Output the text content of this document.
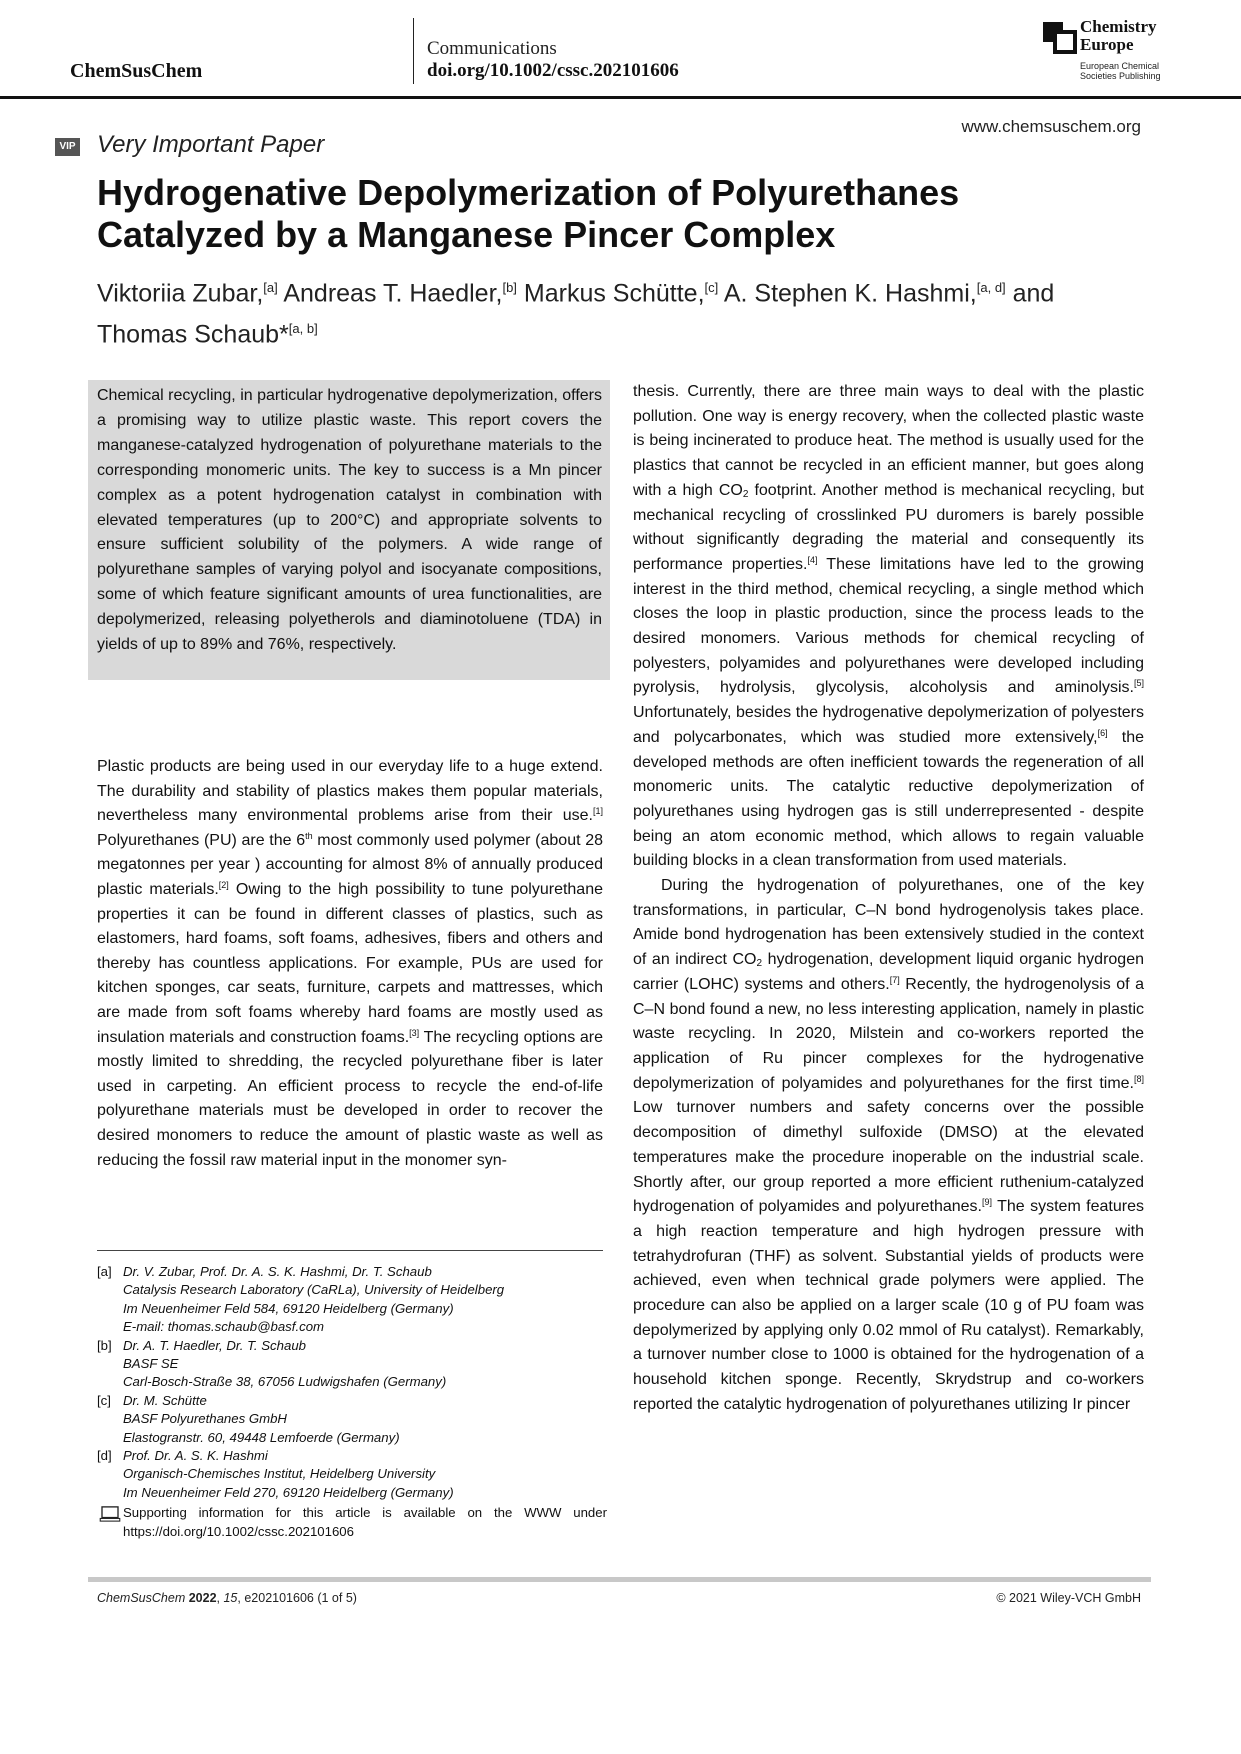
ChemSusChem
Communications
doi.org/10.1002/cssc.202101606
Chemistry Europe
European Chemical
Societies Publishing
www.chemsuschem.org
VIP Very Important Paper
Hydrogenative Depolymerization of Polyurethanes Catalyzed by a Manganese Pincer Complex
Viktoriia Zubar,[a] Andreas T. Haedler,[b] Markus Schütte,[c] A. Stephen K. Hashmi,[a, d] and
Thomas Schaub*[a, b]

Chemical recycling, in particular hydrogenative depolymerization, offers a promising way to utilize plastic waste. This report covers the manganese-catalyzed hydrogenation of polyurethane materials to the corresponding monomeric units. The key to success is a Mn pincer complex as a potent hydrogenation catalyst in combination with elevated temperatures (up to 200°C) and appropriate solvents to ensure sufficient solubility of the polymers. A wide range of polyurethane samples of varying polyol and isocyanate compositions, some of which feature significant amounts of urea functionalities, are depolymerized, releasing polyetherols and diaminotoluene (TDA) in yields of up to 89% and 76%, respectively.

Plastic products are being used in our everyday life to a huge extend. The durability and stability of plastics makes them popular materials, nevertheless many environmental problems arise from their use.[1] Polyurethanes (PU) are the 6th most commonly used polymer (about 28 megatonnes per year ) accounting for almost 8% of annually produced plastic materials.[2] Owing to the high possibility to tune polyurethane properties it can be found in different classes of plastics, such as elastomers, hard foams, soft foams, adhesives, fibers and others and thereby has countless applications. For example, PUs are used for kitchen sponges, car seats, furniture, carpets and mattresses, which are made from soft foams whereby hard foams are mostly used as insulation materials and construction foams.[3] The recycling options are mostly limited to shredding, the recycled polyurethane fiber is later used in carpeting. An efficient process to recycle the end-of-life polyurethane materials must be developed in order to recover the desired monomers to reduce the amount of plastic waste as well as reducing the fossil raw material input in the monomer syn-

thesis. Currently, there are three main ways to deal with the plastic pollution. One way is energy recovery, when the collected plastic waste is being incinerated to produce heat. The method is usually used for the plastics that cannot be recycled in an efficient manner, but goes along with a high $CO_2$ footprint. Another method is mechanical recycling, but mechanical recycling of crosslinked PU duromers is barely possible without significantly degrading the material and consequently its performance properties.[4] These limitations have led to the growing interest in the third method, chemical recycling, a single method which closes the loop in plastic production, since the process leads to the desired monomers. Various methods for chemical recycling of polyesters, polyamides and polyurethanes were developed including pyrolysis, hydrolysis, glycolysis, alcoholysis and aminolysis.[5] Unfortunately, besides the hydrogenative depolymerization of polyesters and polycarbonates, which was studied more extensively,[6] the developed methods are often inefficient towards the regeneration of all monomeric units. The catalytic reductive depolymerization of polyurethanes using hydrogen gas is still underrepresented - despite being an atom economic method, which allows to regain valuable building blocks in a clean transformation from used materials.

During the hydrogenation of polyurethanes, one of the key transformations, in particular, C–N bond hydrogenolysis takes place. Amide bond hydrogenation has been extensively studied in the context of an indirect $CO_2$ hydrogenation, development liquid organic hydrogen carrier (LOHC) systems and others.[7] Recently, the hydrogenolysis of a C–N bond found a new, no less interesting application, namely in plastic waste recycling. In 2020, Milstein and co-workers reported the application of Ru pincer complexes for the hydrogenative depolymerization of polyamides and polyurethanes for the first time.[8] Low turnover numbers and safety concerns over the possible decomposition of dimethyl sulfoxide (DMSO) at the elevated temperatures make the procedure inoperable on the industrial scale. Shortly after, our group reported a more efficient ruthenium-catalyzed hydrogenation of polyamides and polyurethanes.[9] The system features a high reaction temperature and high hydrogen pressure with tetrahydrofuran (THF) as solvent. Substantial yields of products were achieved, even when technical grade polymers were applied. The procedure can also be applied on a larger scale (10 g of PU foam was depolymerized by applying only 0.02 mmol of Ru catalyst). Remarkably, a turnover number close to 1000 is obtained for the hydrogenation of a household kitchen sponge. Recently, Skrydstrup and co-workers reported the catalytic hydrogenation of polyurethanes utilizing Ir pincer

[a] Dr. V. Zubar, Prof. Dr. A. S. K. Hashmi, Dr. T. Schaub
Catalysis Research Laboratory (CaRLa), University of Heidelberg
Im Neuenheimer Feld 584, 69120 Heidelberg (Germany)
E-mail: thomas.schaub@basf.com
[b] Dr. A. T. Haedler, Dr. T. Schaub
BASF SE
Carl-Bosch-Straße 38, 67056 Ludwigshafen (Germany)
[c] Dr. M. Schütte
BASF Polyurethanes GmbH
Elastogranstr. 60, 49448 Lemfoerde (Germany)
[d] Prof. Dr. A. S. K. Hashmi
Organisch-Chemisches Institut, Heidelberg University
Im Neuenheimer Feld 270, 69120 Heidelberg (Germany)
Supporting information for this article is available on the WWW under https://doi.org/10.1002/cssc.202101606
ChemSusChem 2022, 15, e202101606 (1 of 5)	© 2021 Wiley-VCH GmbH
